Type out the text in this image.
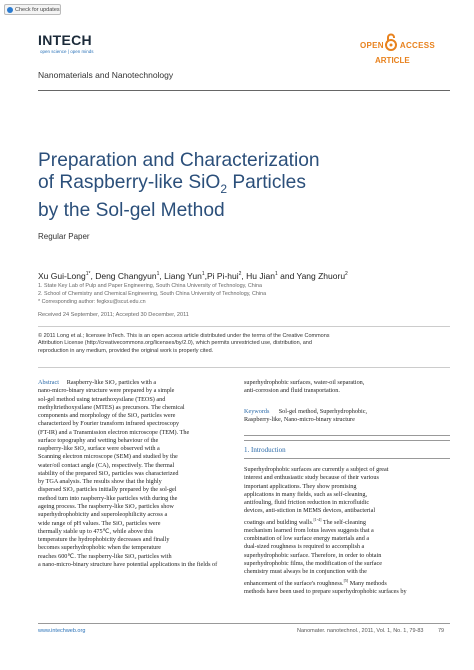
Check for updates
INTECH
open science | open minds
OPEN ACCESS
ARTICLE
Nanomaterials and Nanotechnology
Preparation and Characterization
of Raspberry-like SiO$_2$ Particles
by the Sol-gel Method
Regular Paper
Xu Gui-Long$^{1*}$, Deng Changyun$^1$, Liang Yun$^1$,Pi Pi-hui$^2$, Hu Jian$^1$ and Yang Zhuoru$^2$
1. State Key Lab of Pulp and Paper Engineering, South China University of Technology, China
2. School of Chemistry and Chemical Engineering, South China University of Technology, China
* Corresponding author: fegkxu@scut.edu.cn
Received 24 September, 2011; Accepted 30 December, 2011
© 2011 Long et al.; licensee InTech. This is an open access article distributed under the terms of the Creative Commons Attribution License (http://creativecommons.org/licenses/by/2.0), which permits unrestricted use, distribution, and reproduction in any medium, provided the original work is properly cited.
Abstract Raspberry-like SiO₂ particles with a
nano-micro-binary structure were prepared by a simple
sol-gel method using tetraethoxysilane (TEOS) and
methyltriethoxysilane (MTES) as precursors. The chemical
components and morphology of the SiO₂ particles were
characterized by Fourier transform infrared spectroscopy
(FT-IR) and a Transmission electron microscope (TEM). The
surface topography and wetting behaviour of the
raspberry-like SiO₂ surface were observed with a
Scanning electron microscope (SEM) and studied by the
water/oil contact angle (CA), respectively. The thermal
stability of the prepared SiO₂ particles was characterized
by TGA analysis. The results show that the highly
dispersed SiO₂ particles initially prepared by the sol-gel
method turn into raspberry-like particles with during the
ageing process. The raspberry-like SiO₂ particles show
superhydrophobicity and superoleophilicity across a
wide range of pH values. The SiO₂ particles were
thermally stable up to 475℃, while above this
temperature the hydrophobicity decreases and finally
becomes superhydrophobic when the temperature
reaches 600℃. The raspberry-like SiO₂ particles with
a nano-micro-binary structure have potential applications in the fields of
superhydrophobic surfaces, water-oil separation,
anti-corrosion and fluid transportation.
Keywords Sol-gel method, Superhydrophobic,
Raspberry-like, Nano-micro-binary structure
1. Introduction
Superhydrophobic surfaces are currently a subject of great
interest and enthusiastic study because of their various
important applications. They show promising
applications in many fields, such as self-cleaning,
antifouling, fluid friction reduction in microfluidic
devices, anti-stiction in MEMS devices, antibacterial
coatings and building walls.[1-4] The self-cleaning
mechanism learned from lotus leaves suggests that a
combination of low surface energy materials and a
dual-sized roughness is required to accomplish a
superhydrophobic surface. Therefore, in order to obtain
superhydrophobic films, the modification of the surface
chemistry must always be in conjunction with the
enhancement of the surface's roughness.[5] Many methods
methods have been used to prepare superhydrophobic surfaces by
www.intechweb.org	Nanomater. nanotechnol., 2011, Vol. 1, No. 1, 79-83	79
